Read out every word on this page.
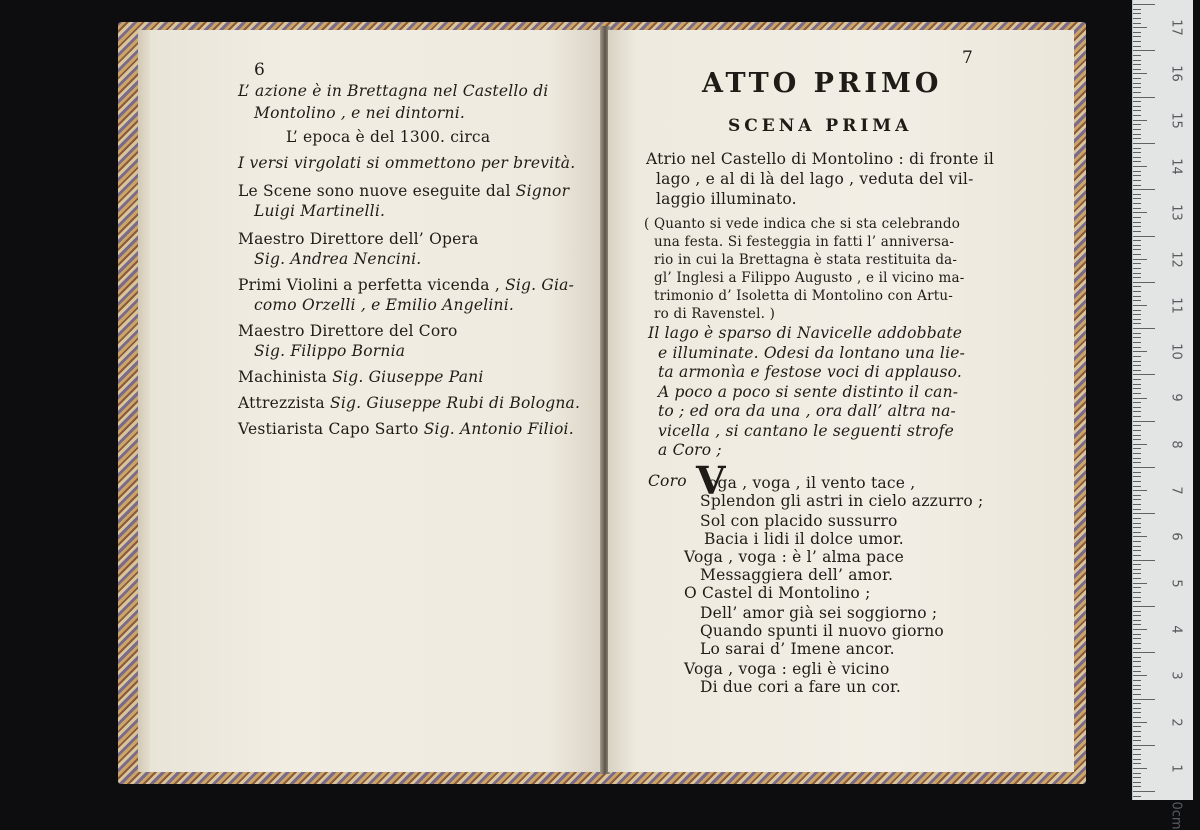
6
L’ azione è in Brettagna nel Castello di
Montolino , e nei dintorni.
L’ epoca è del 1300. circa
I versi virgolati si ommettono per brevità.
Le Scene sono nuove eseguite dal Signor
Luigi Martinelli.
Maestro Direttore dell’ Opera
Sig. Andrea Nencini.
Primi Violini a perfetta vicenda , Sig. Gia-
como Orzelli , e Emilio Angelini.
Maestro Direttore del Coro
Sig. Filippo Bornia
Machinista Sig. Giuseppe Pani
Attrezzista Sig. Giuseppe Rubi di Bologna.
Vestiarista Capo Sarto Sig. Antonio Filioi.
ATTO PRIMO
7
SCENA PRIMA
Atrio nel Castello di Montolino : di fronte il
lago , e al di là del lago , veduta del vil-
laggio illuminato.
( Quanto si vede indica che si sta celebrando
una festa. Si festeggia in fatti l’ anniversa-
rio in cui la Brettagna è stata restituita da-
gl’ Inglesi a Filippo Augusto , e il vicino ma-
trimonio d’ Isoletta di Montolino con Artu-
ro di Ravenstel. )
Il lago è sparso di Navicelle addobbate
e illuminate. Odesi da lontano una lie-
ta armonìa e festose voci di applauso.
A poco a poco si sente distinto il can-
to ; ed ora da una , ora dall’ altra na-
vicella , si cantano le seguenti strofe
a Coro ;
Coro V
oga , voga , il vento tace ,
Splendon gli astri in cielo azzurro ;
Sol con placido sussurro
Bacia i lidi il dolce umor.
Voga , voga : è l’ alma pace
Messaggiera dell’ amor.
O Castel di Montolino ;
Dell’ amor già sei soggiorno ;
Quando spunti il nuovo giorno
Lo sarai d’ Imene ancor.
Voga , voga : egli è vicino
Di due cori a fare un cor.
17
16
15
14
13
12
11
10
9
8
7
6
5
4
3
2
1
0cm
